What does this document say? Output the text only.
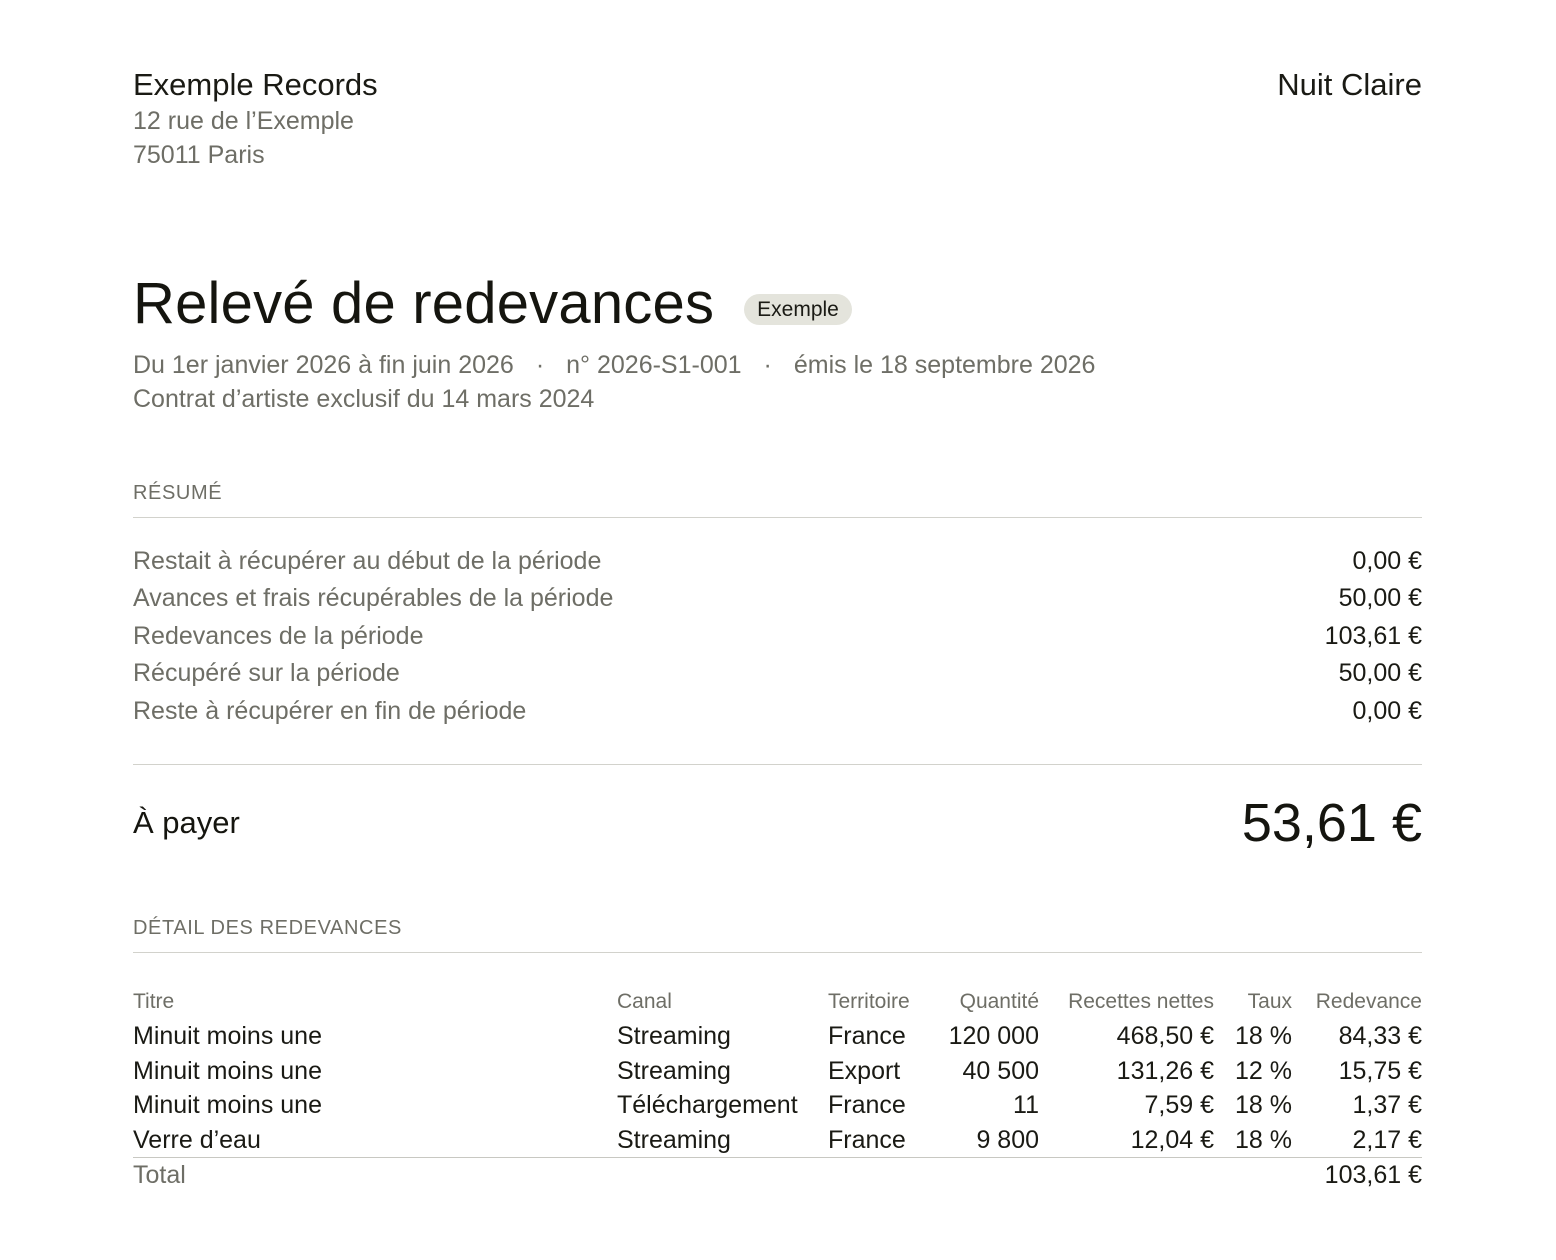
Exemple Records
12 rue de l’Exemple
75011 Paris
Nuit Claire
Relevé de redevances	Exemple
Du 1er janvier 2026 à fin juin 2026 · n° 2026-S1-001 · émis le 18 septembre 2026
Contrat d’artiste exclusif du 14 mars 2024
RÉSUMÉ
Restait à récupérer au début de la période	0,00 €
Avances et frais récupérables de la période	50,00 €
Redevances de la période	103,61 €
Récupéré sur la période	50,00 €
Reste à récupérer en fin de période	0,00 €
À payer	53,61 €
DÉTAIL DES REDEVANCES
Titre	Canal	Territoire	Quantité	Recettes nettes	Taux	Redevance
Minuit moins une	Streaming	France	120 000	468,50 €	18 %	84,33 €
Minuit moins une	Streaming	Export	40 500	131,26 €	12 %	15,75 €
Minuit moins une	Téléchargement	France	11	7,59 €	18 %	1,37 €
Verre d’eau	Streaming	France	9 800	12,04 €	18 %	2,17 €
Total						103,61 €
